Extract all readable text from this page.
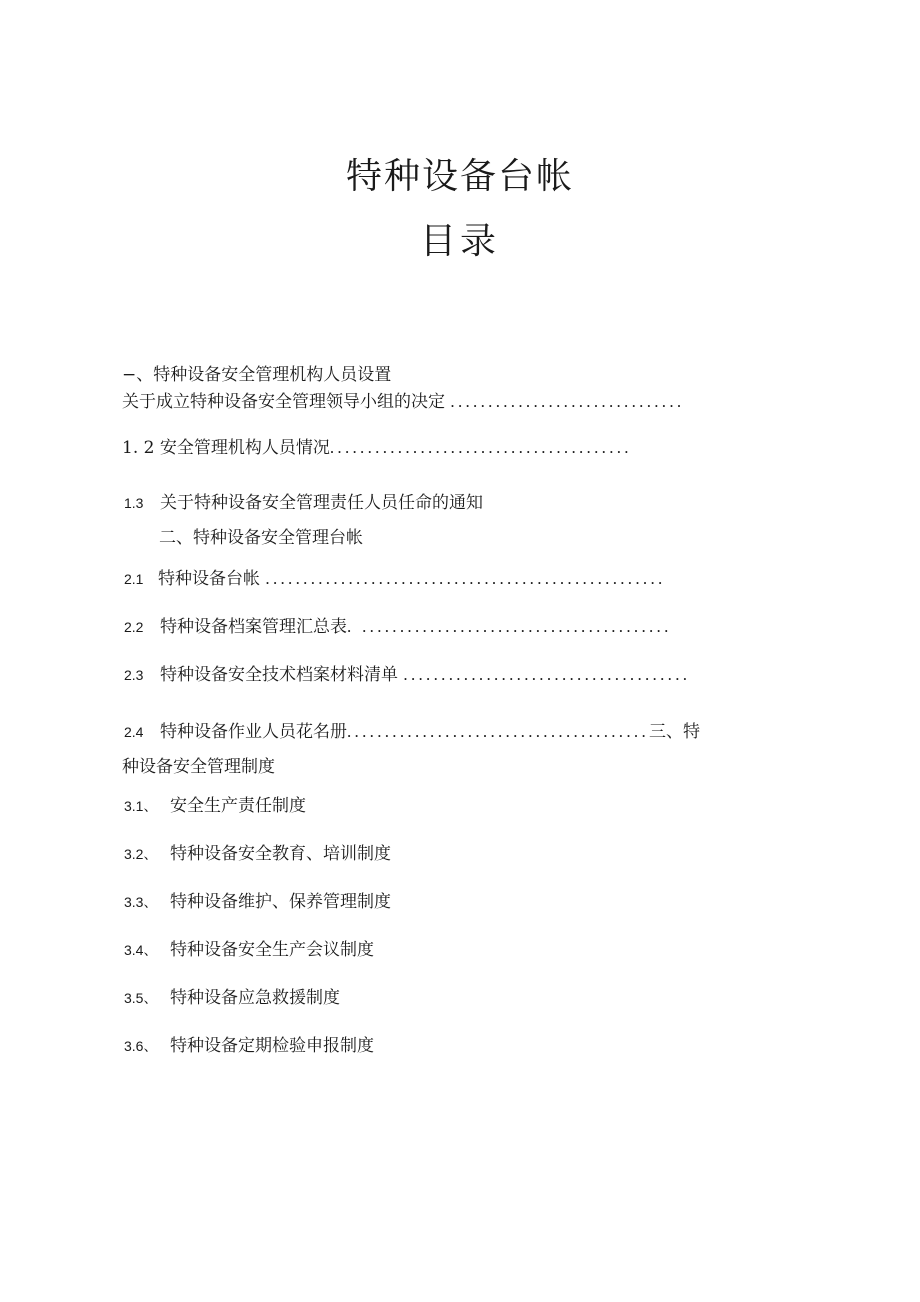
特种设备台帐
目录
−、特种设备安全管理机构人员设置
关于成立特种设备安全管理领导小组的决定 ...............................
1. 2 安全管理机构人员情况........................................
1.3 关于特种设备安全管理责任人员任命的通知
二、特种设备安全管理台帐
2.1 特种设备台帐 .....................................................
2.2 特种设备档案管理汇总表. .........................................
2.3 特种设备安全技术档案材料清单 ......................................
2.4 特种设备作业人员花名册........................................三、特
种设备安全管理制度
3.1、 安全生产责任制度
3.2、 特种设备安全教育、培训制度
3.3、 特种设备维护、保养管理制度
3.4、 特种设备安全生产会议制度
3.5、 特种设备应急救援制度
3.6、 特种设备定期检验申报制度
